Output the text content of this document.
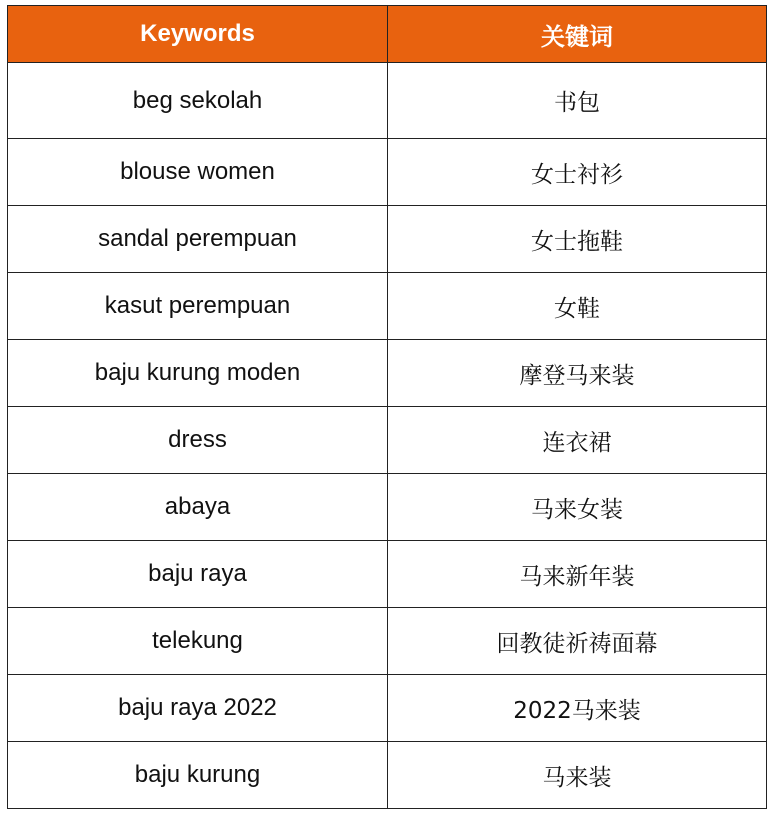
Keywords	关键词
beg sekolah	书包
blouse women	女士衬衫
sandal perempuan	女士拖鞋
kasut perempuan	女鞋
baju kurung moden	摩登马来装
dress	连衣裙
abaya	马来女装
baju raya	马来新年装
telekung	回教徒祈祷面幕
baju raya 2022	2022马来装
baju kurung	马来装
